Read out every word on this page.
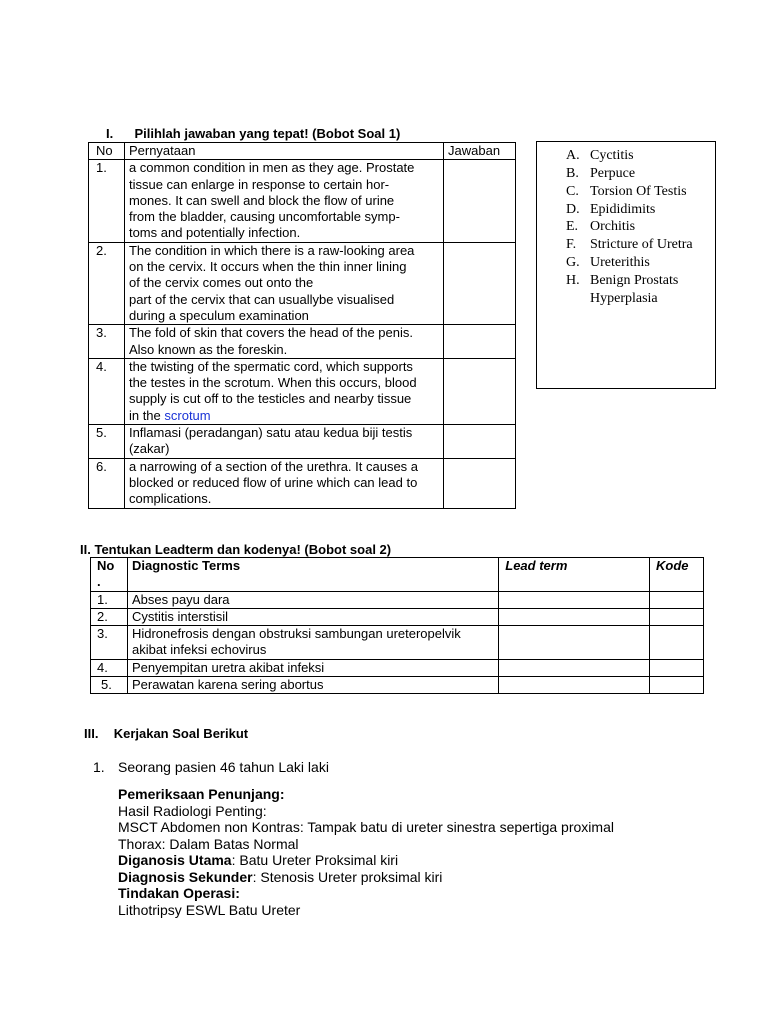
I. Pilihlah jawaban yang tepat! (Bobot Soal 1)
No	Pernyataan	Jawaban
1.	a common condition in men as they age. Prostate
tissue can enlarge in response to certain hor-
mones. It can swell and block the flow of urine
from the bladder, causing uncomfortable symp-
toms and potentially infection.	

2.	The condition in which there is a raw-looking area
on the cervix. It occurs when the thin inner lining
of the cervix comes out onto the
part of the cervix that can usuallybe visualised
during a speculum examination	

3.	The fold of skin that covers the head of the penis.
Also known as the foreskin.	

4.	the twisting of the spermatic cord, which supports
the testes in the scrotum. When this occurs, blood
supply is cut off to the testicles and nearby tissue
in the scrotum	

5.	Inflamasi (peradangan) satu atau kedua biji testis
(zakar)	

6.	a narrowing of a section of the urethra. It causes a
blocked or reduced flow of urine which can lead to
complications.	

A. Cyctitis
B. Perpuce
C. Torsion Of Testis
D. Epididimits
E. Orchitis
F. Stricture of Uretra
G. Ureterithis
H. Benign Prostats
Hyperplasia
II. Tentukan Leadterm dan kodenya! (Bobot soal 2)
No
.	Diagnostic Terms	Lead term	Kode
1.	Abses payu dara		

2.	Cystitis interstisil		

3.	Hidronefrosis dengan obstruksi sambungan ureteropelvik
akibat infeksi echovirus		

4.	Penyempitan uretra akibat infeksi		

5.	Perawatan karena sering abortus		

III. Kerjakan Soal Berikut
1. Seorang pasien 46 tahun Laki laki
Pemeriksaan Penunjang:
Hasil Radiologi Penting:
MSCT Abdomen non Kontras: Tampak batu di ureter sinestra sepertiga proximal
Thorax: Dalam Batas Normal
Diganosis Utama: Batu Ureter Proksimal kiri
Diagnosis Sekunder: Stenosis Ureter proksimal kiri
Tindakan Operasi:
Lithotripsy ESWL Batu Ureter
